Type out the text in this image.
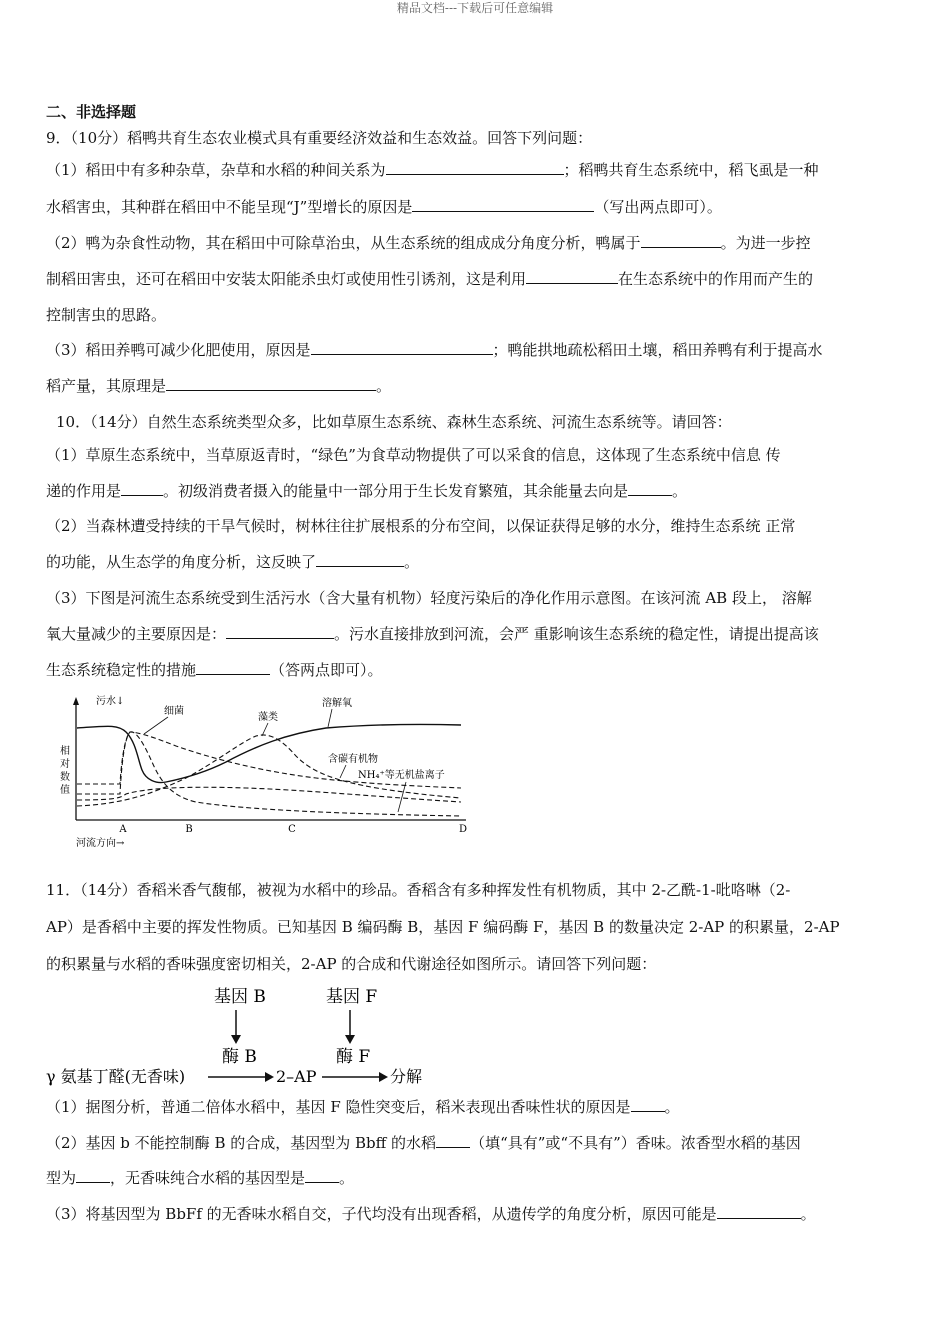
精品文档---下载后可任意编辑
二、非选择题
9．（10分）稻鸭共育生态农业模式具有重要经济效益和生态效益。回答下列问题：
（1）稻田中有多种杂草，杂草和水稻的种间关系为	；稻鸭共育生态系统中，稻飞虱是一种
水稻害虫，其种群在稻田中不能呈现“J”型增长的原因是	（写出两点即可）。
（2）鸭为杂食性动物，其在稻田中可除草治虫，从生态系统的组成成分角度分析，鸭属于	。为进一步控
制稻田害虫，还可在稻田中安装太阳能杀虫灯或使用性引诱剂，这是利用	在生态系统中的作用而产生的
控制害虫的思路。
（3）稻田养鸭可减少化肥使用，原因是	；鸭能拱地疏松稻田土壤，稻田养鸭有利于提高水
稻产量，其原理是	。
10．（14分）自然生态系统类型众多，比如草原生态系统、森林生态系统、河流生态系统等。请回答：
（1）草原生态系统中，当草原返青时，“绿色”为食草动物提供了可以采食的信息，这体现了生态系统中信息 传
递的作用是	。初级消费者摄入的能量中一部分用于生长发育繁殖，其余能量去向是	。
（2）当森林遭受持续的干旱气候时，树林往往扩展根系的分布空间，以保证获得足够的水分，维持生态系统 正常
的功能，从生态学的角度分析，这反映了	。
（3）下图是河流生态系统受到生活污水（含大量有机物）轻度污染后的净化作用示意图。在该河流 AB 段上， 溶解
氧大量减少的主要原因是：	。污水直接排放到河流，会严 重影响该生态系统的稳定性，请提出提高该
生态系统稳定性的措施	（答两点即可）。
污水↓
相对数值
细菌
藻类
溶解氧
含碳有机物
NH₄⁺等无机盐离子
A	B	C	D
河流方向→
11．（14分）香稻米香气馥郁，被视为水稻中的珍品。香稻含有多种挥发性有机物质，其中 2-乙酰-1-吡咯啉（2-
AP）是香稻中主要的挥发性物质。已知基因 B 编码酶 B，基因 F 编码酶 F，基因 B 的数量决定 2-AP 的积累量，2-AP
的积累量与水稻的香味强度密切相关，2-AP 的合成和代谢途径如图所示。请回答下列问题：
基因 B	基因 F
酶 B	酶 F
γ 氨基丁醛(无香味)	2–AP	分解
（1）据图分析，普通二倍体水稻中，基因 F 隐性突变后，稻米表现出香味性状的原因是 。
（2）基因 b 不能控制酶 B 的合成，基因型为 Bbff 的水稻 （填“具有”或“不具有”）香味。浓香型水稻的基因
型为 ，无香味纯合水稻的基因型是 。
（3）将基因型为 BbFf 的无香味水稻自交，子代均没有出现香稻，从遗传学的角度分析，原因可能是	。
